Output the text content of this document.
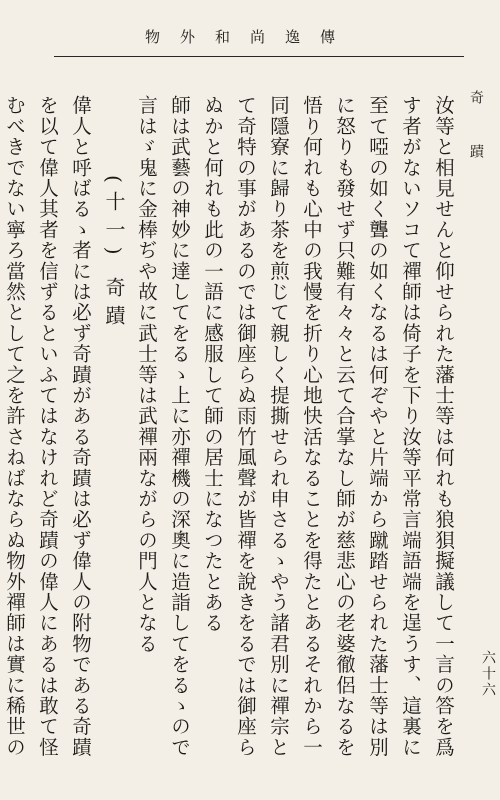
物外和尚逸傳
奇蹟
六十六

汝等と相見せんと仰せられた藩士等は何れも狼狽擬議して一言の答を爲す者がないソコて禪師は倚子を下り汝等平常言端語端を逞うす、這裏に至て啞の如く聾の如くなるは何ぞやと片端から蹴踏せられた藩士等は別に怒りも發せず只難有々々と云て合掌なし師が慈悲心の老婆徹侶なるを悟り何れも心中の我慢を折り心地快活なることを得たとあるそれから一同隱寮に歸り茶を煎じて親しく提撕せられ申さるゝやう諸君別に禪宗とて奇特の事があるのでは御座らぬ雨竹風聲が皆禪を說きをるでは御座らぬかと何れも此の一語に感服して師の居士になつたとある

師は武藝の神妙に達してをるゝ上に亦禪機の深奧に造詣してをるゝので言はゞ鬼に金棒ぢや故に武士等は武禪兩ながらの門人となる

(十一) 奇蹟

偉人と呼ばるゝ者には必ず奇蹟がある奇蹟は必ず偉人の附物である奇蹟を以て偉人其者を信ずるといふてはなけれど奇蹟の偉人にあるは敢て怪むべきでない寧ろ當然として之を許さねばならぬ物外禪師は實に稀世の
